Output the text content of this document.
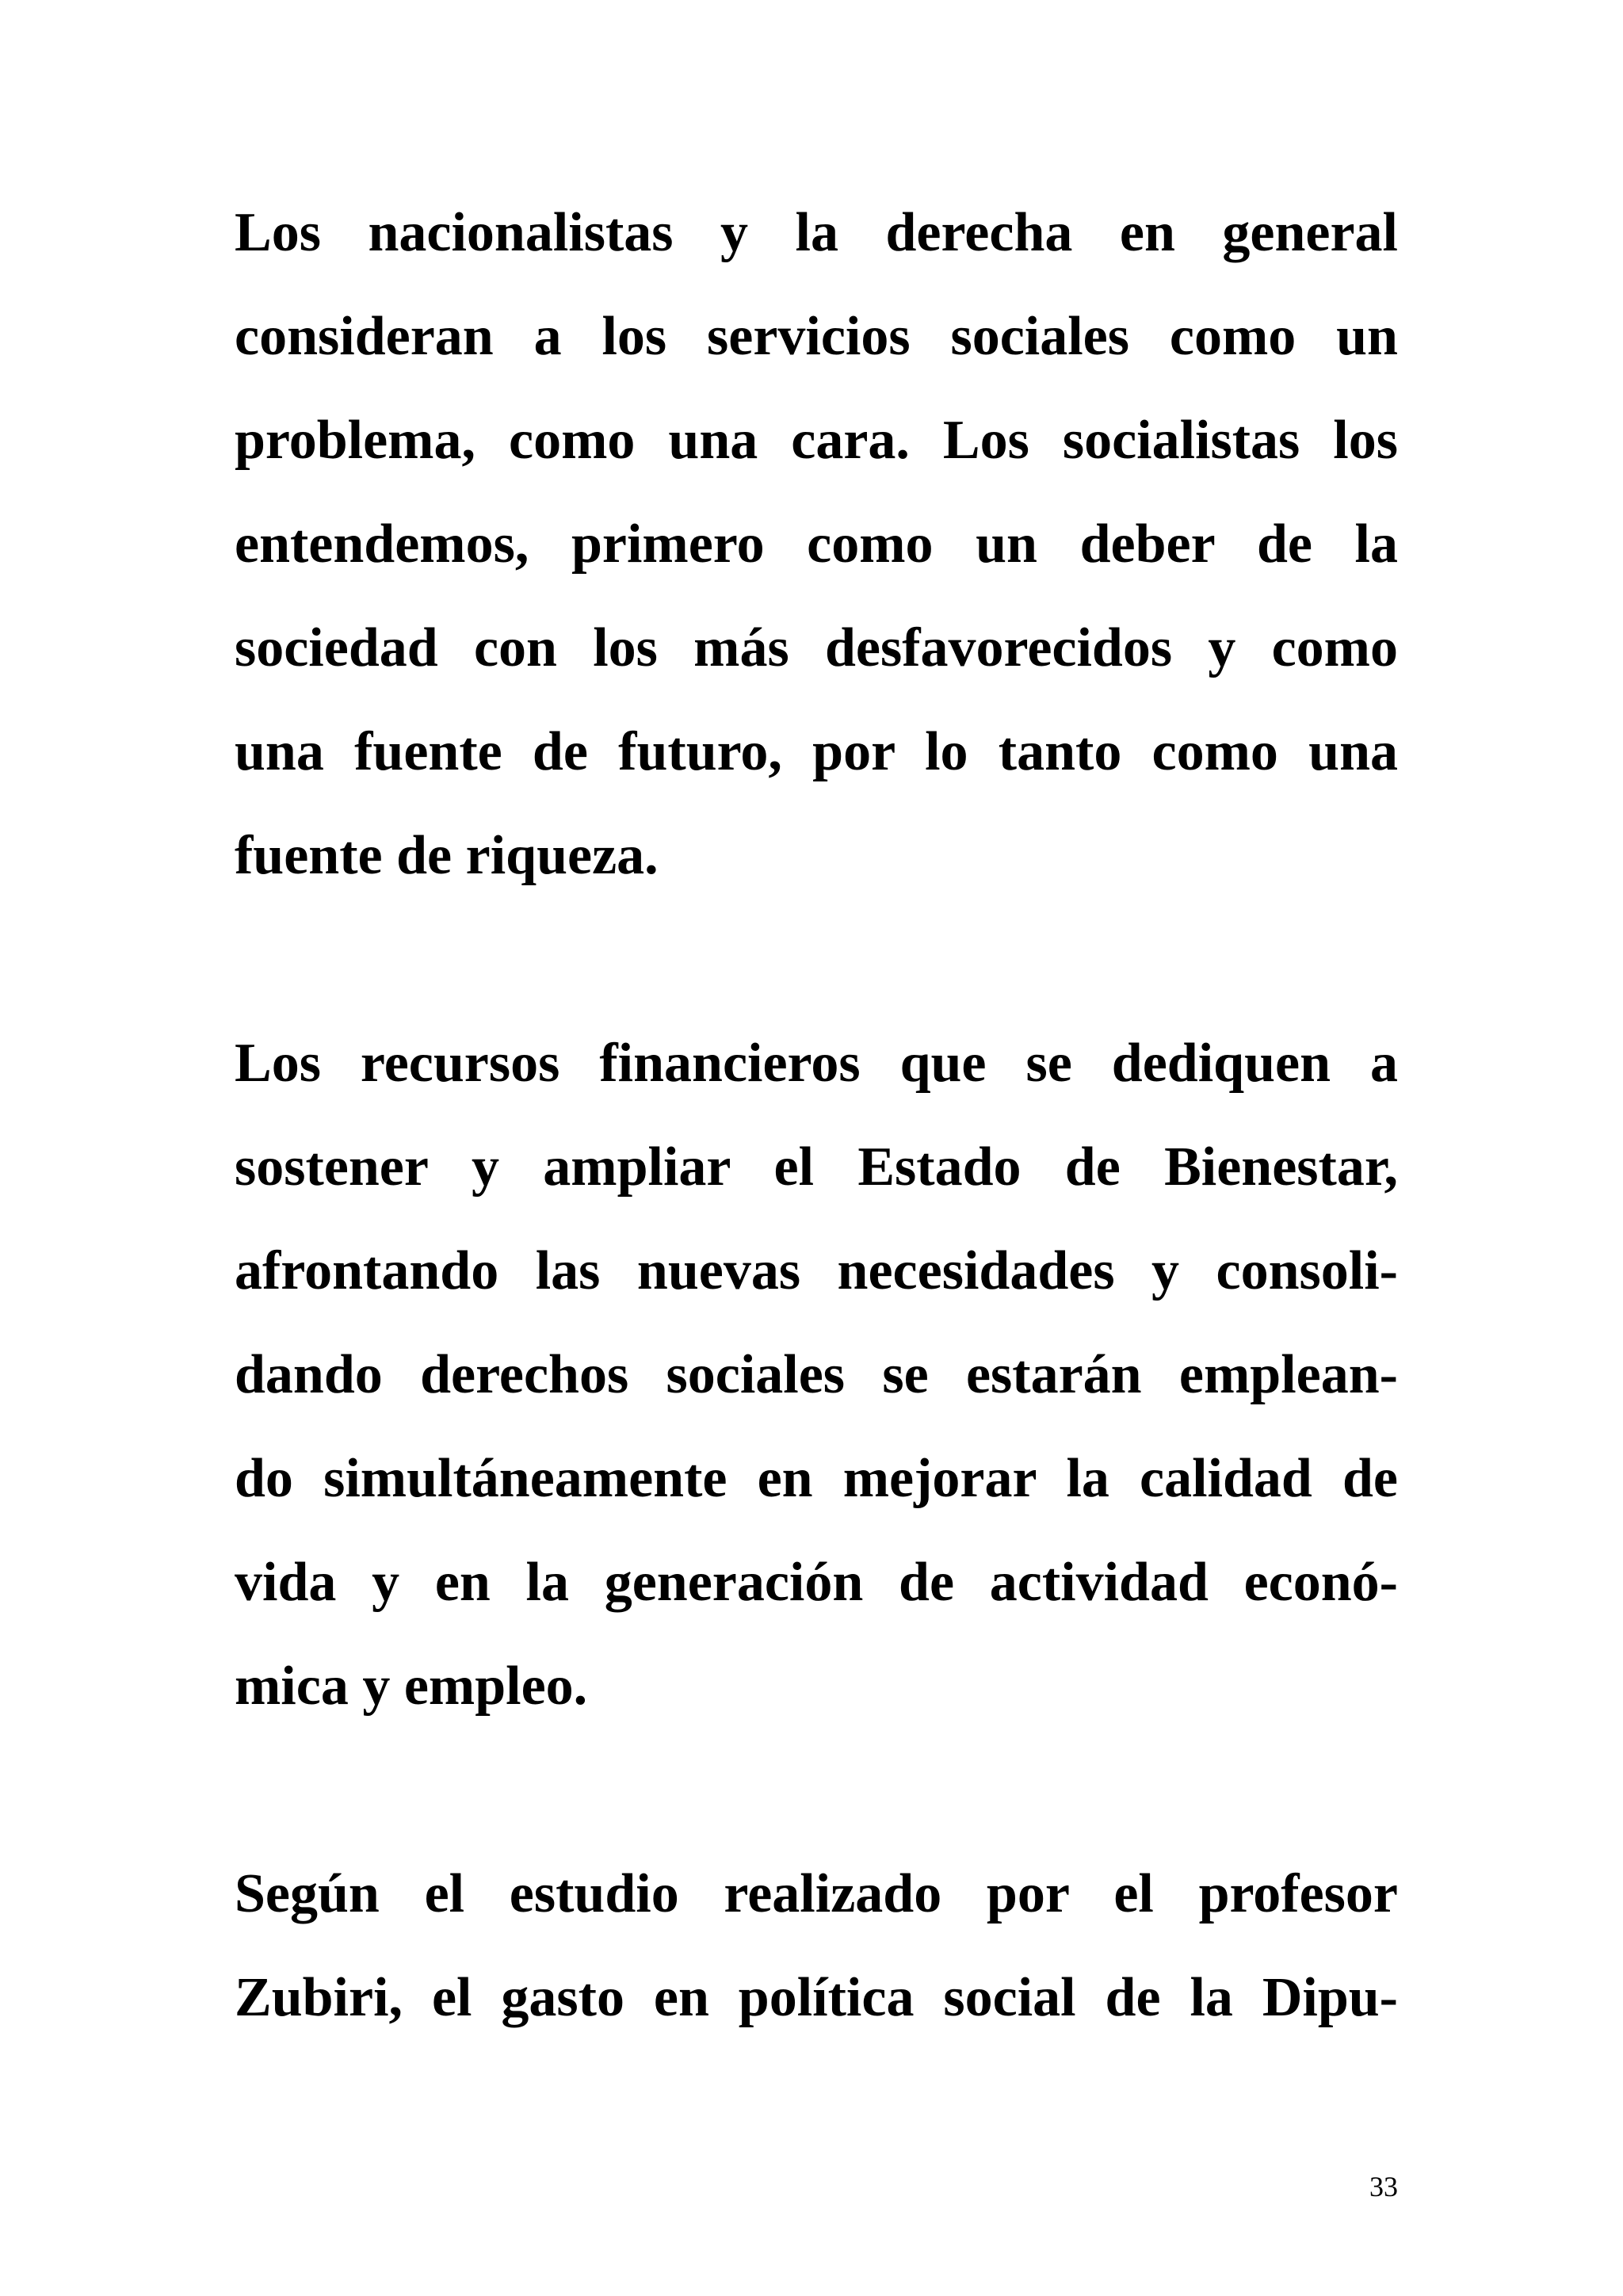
Los nacionalistas y la derecha en general
consideran a los servicios sociales como un
problema, como una cara. Los socialistas los
entendemos, primero como un deber de la
sociedad con los más desfavorecidos y como
una fuente de futuro, por lo tanto como una
fuente de riqueza.
Los recursos financieros que se dediquen a
sostener y ampliar el Estado de Bienestar,
afrontando las nuevas necesidades y consoli-
dando derechos sociales se estarán emplean-
do simultáneamente en mejorar la calidad de
vida y en la generación de actividad econó-
mica y empleo.
Según el estudio realizado por el profesor
Zubiri, el gasto en política social de la Dipu-
33
